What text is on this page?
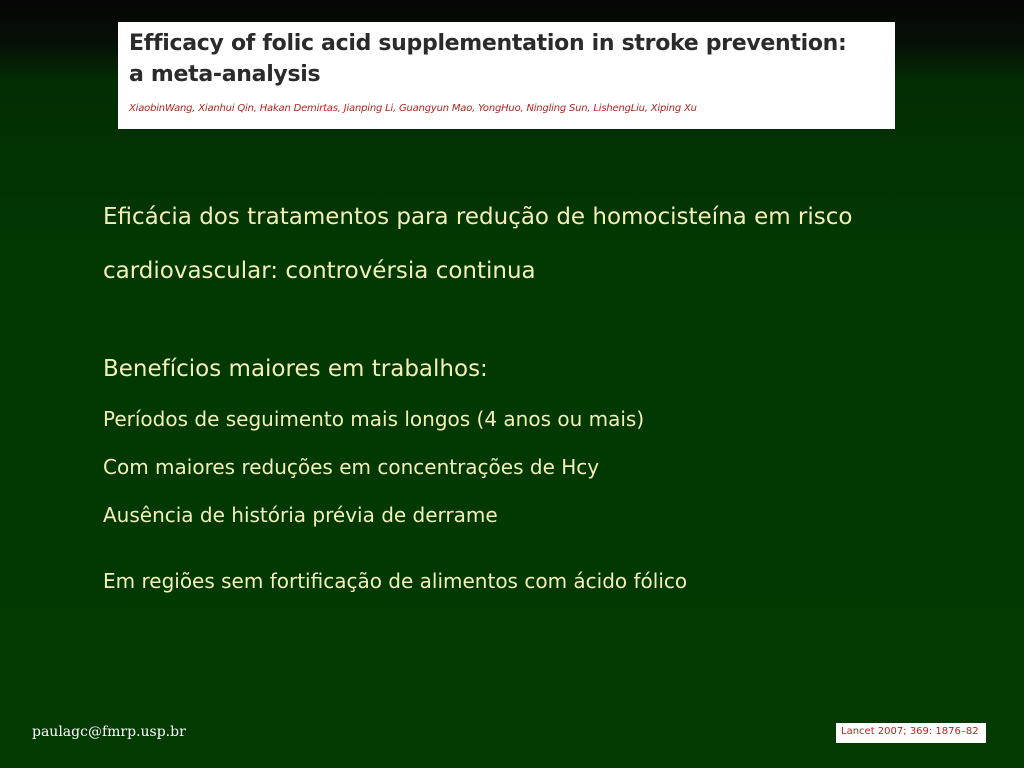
Efficacy of folic acid supplementation in stroke prevention:
a meta-analysis

XiaobinWang, Xianhui Qin, Hakan Demirtas, Jianping Li, Guangyun Mao, YongHuo, Ningling Sun, LishengLiu, Xiping Xu

Eficácia dos tratamentos para redução de homocisteína em risco cardiovascular: controvérsia continua

Benefícios maiores em trabalhos:

Períodos de seguimento mais longos (4 anos ou mais)

Com maiores reduções em concentrações de Hcy

Ausência de história prévia de derrame

Em regiões sem fortificação de alimentos com ácido fólico

paulagc@fmrp.usp.br	Lancet 2007; 369: 1876–82
